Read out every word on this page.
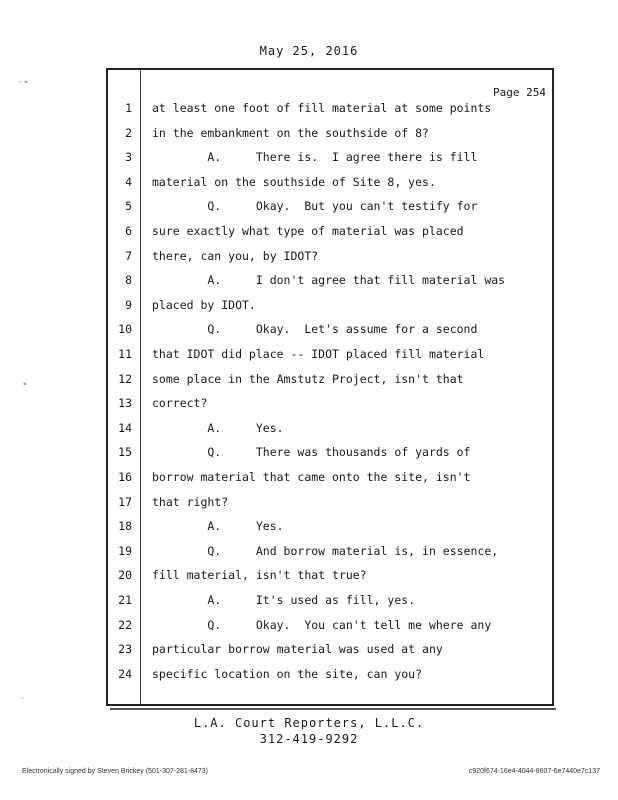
May 25, 2016
Page 254
1 at least one foot of fill material at some points
2 in the embankment on the southside of 8?
3 A.     There is.  I agree there is fill
4 material on the southside of Site 8, yes.
5 Q.     Okay.  But you can't testify for
6 sure exactly what type of material was placed
7 there, can you, by IDOT?
8 A.     I don't agree that fill material was
9 placed by IDOT.
10 Q.     Okay.  Let's assume for a second
11 that IDOT did place -- IDOT placed fill material
12 some place in the Amstutz Project, isn't that
13 correct?
14 A.     Yes.
15 Q.     There was thousands of yards of
16 borrow material that came onto the site, isn't
17 that right?
18 A.     Yes.
19 Q.     And borrow material is, in essence,
20 fill material, isn't that true?
21 A.     It's used as fill, yes.
22 Q.     Okay.  You can't tell me where any
23 particular borrow material was used at any
24 specific location on the site, can you?
L.A. Court Reporters, L.L.C.
312-419-9292
Electronically signed by Steven Brickey (501-307-281-8473)	c920f674-16e4-4044-8607-6e7440e7c137
·∙
∙
·
